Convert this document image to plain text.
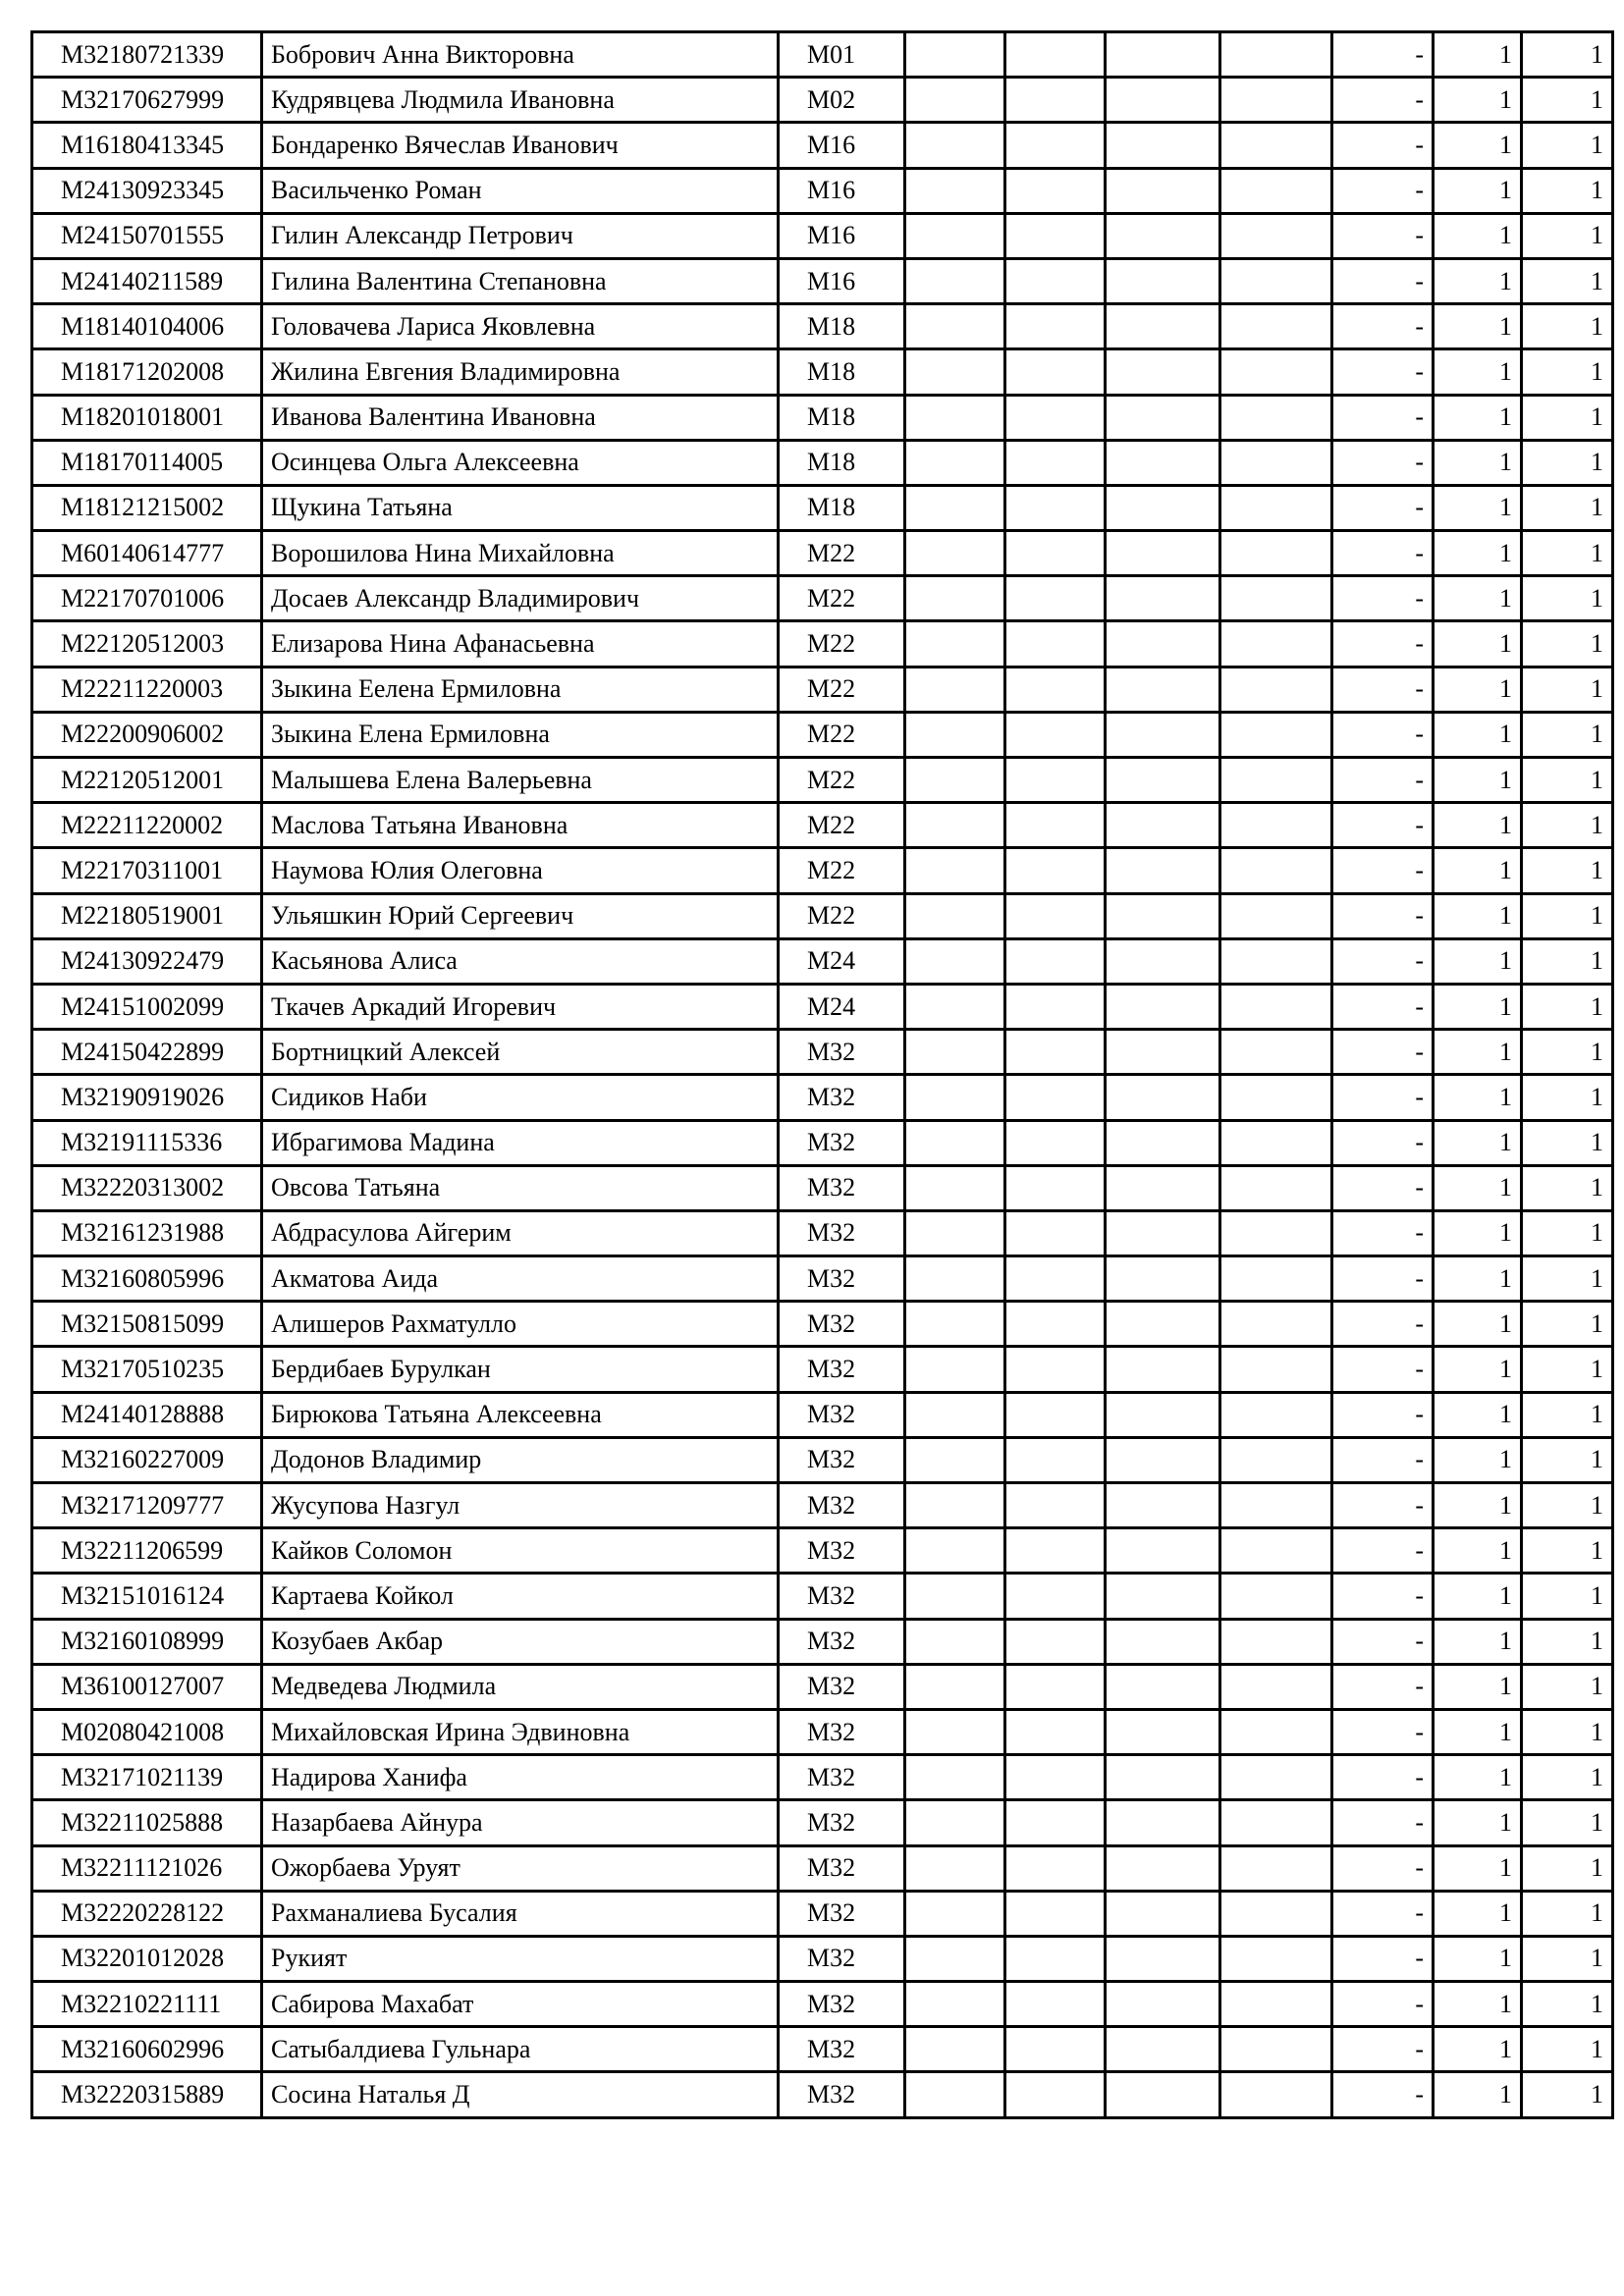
M32180721339	Бобрович Анна Викторовна	М01					-	1	1
M32170627999	Кудрявцева Людмила Ивановна	М02					-	1	1
M16180413345	Бондаренко Вячеслав Иванович	М16					-	1	1
M24130923345	Васильченко Роман	М16					-	1	1
M24150701555	Гилин Александр Петрович	М16					-	1	1
M24140211589	Гилина Валентина Степановна	М16					-	1	1
M18140104006	Головачева Лариса Яковлевна	М18					-	1	1
M18171202008	Жилина Евгения Владимировна	М18					-	1	1
M18201018001	Иванова Валентина Ивановна	М18					-	1	1
M18170114005	Осинцева Ольга Алексеевна	М18					-	1	1
M18121215002	Щукина Татьяна	М18					-	1	1
M60140614777	Ворошилова Нина Михайловна	М22					-	1	1
M22170701006	Досаев Александр Владимирович	М22					-	1	1
M22120512003	Елизарова Нина Афанасьевна	М22					-	1	1
M22211220003	Зыкина Еелена Ермиловна	М22					-	1	1
M22200906002	Зыкина Елена Ермиловна	М22					-	1	1
M22120512001	Малышева Елена Валерьевна	М22					-	1	1
M22211220002	Маслова Татьяна Ивановна	М22					-	1	1
M22170311001	Наумова Юлия Олеговна	М22					-	1	1
M22180519001	Ульяшкин Юрий Сергеевич	М22					-	1	1
M24130922479	Касьянова Алиса	М24					-	1	1
M24151002099	Ткачев Аркадий Игоревич	М24					-	1	1
M24150422899	Бортницкий Алексей	М32					-	1	1
M32190919026	Сидиков Наби	М32					-	1	1
M32191115336	Ибрагимова Мадина	М32					-	1	1
M32220313002	Овсова Татьяна	М32					-	1	1
M32161231988	Абдрасулова Айгерим	М32					-	1	1
M32160805996	Акматова Аида	М32					-	1	1
M32150815099	Алишеров Рахматулло	М32					-	1	1
M32170510235	Бердибаев Бурулкан	М32					-	1	1
M24140128888	Бирюкова Татьяна Алексеевна	М32					-	1	1
M32160227009	Додонов Владимир	М32					-	1	1
M32171209777	Жусупова Назгул	М32					-	1	1
M32211206599	Кайков Соломон	М32					-	1	1
M32151016124	Картаева Койкол	М32					-	1	1
M32160108999	Козубаев Акбар	М32					-	1	1
M36100127007	Медведева Людмила	М32					-	1	1
M02080421008	Михайловская Ирина Эдвиновна	М32					-	1	1
M32171021139	Надирова Ханифа	М32					-	1	1
M32211025888	Назарбаева Айнура	М32					-	1	1
M32211121026	Ожорбаева Уруят	М32					-	1	1
M32220228122	Рахманалиева Бусалия	М32					-	1	1
M32201012028	Рукият	М32					-	1	1
M32210221111	Сабирова Махабат	М32					-	1	1
M32160602996	Сатыбалдиева Гульнара	М32					-	1	1
M32220315889	Сосина Наталья Д	М32					-	1	1
